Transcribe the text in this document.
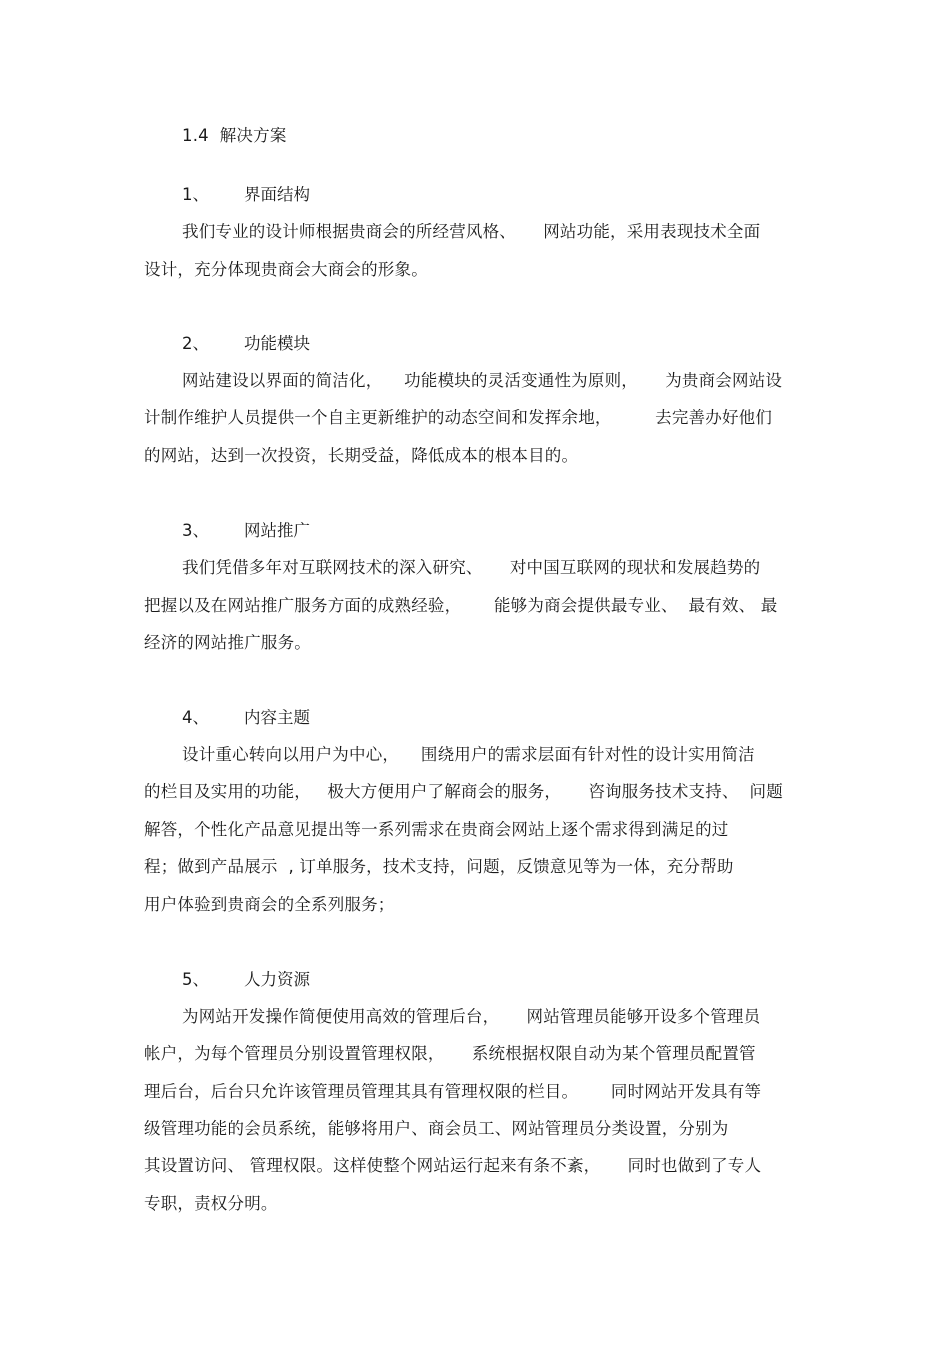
1.4  解决方案
1、 界面结构
我们专业的设计师根据贵商会的所经营风格、     网站功能，采用表现技术全面
设计，充分体现贵商会大商会的形象。
2、 功能模块
网站建设以界面的简洁化，    功能模块的灵活变通性为原则，     为贵商会网站设
计制作维护人员提供一个自主更新维护的动态空间和发挥余地，        去完善办好他们
的网站，达到一次投资，长期受益，降低成本的根本目的。
3、 网站推广
我们凭借多年对互联网技术的深入研究、     对中国互联网的现状和发展趋势的
把握以及在网站推广服务方面的成熟经验，      能够为商会提供最专业、  最有效、 最
经济的网站推广服务。
4、 内容主题
设计重心转向以用户为中心，    围绕用户的需求层面有针对性的设计实用简洁
的栏目及实用的功能，   极大方便用户了解商会的服务，     咨询服务技术支持、  问题
解答，个性化产品意见提出等一系列需求在贵商会网站上逐个需求得到满足的过
程；做到产品展示  , 订单服务，技术支持，问题，反馈意见等为一体，充分帮助
用户体验到贵商会的全系列服务；
5、 人力资源
为网站开发操作简便使用高效的管理后台，     网站管理员能够开设多个管理员
帐户，为每个管理员分别设置管理权限，     系统根据权限自动为某个管理员配置管
理后台，后台只允许该管理员管理其具有管理权限的栏目。      同时网站开发具有等
级管理功能的会员系统，能够将用户、商会员工、网站管理员分类设置，分别为
其设置访问、 管理权限。这样使整个网站运行起来有条不紊，     同时也做到了专人
专职，责权分明。
